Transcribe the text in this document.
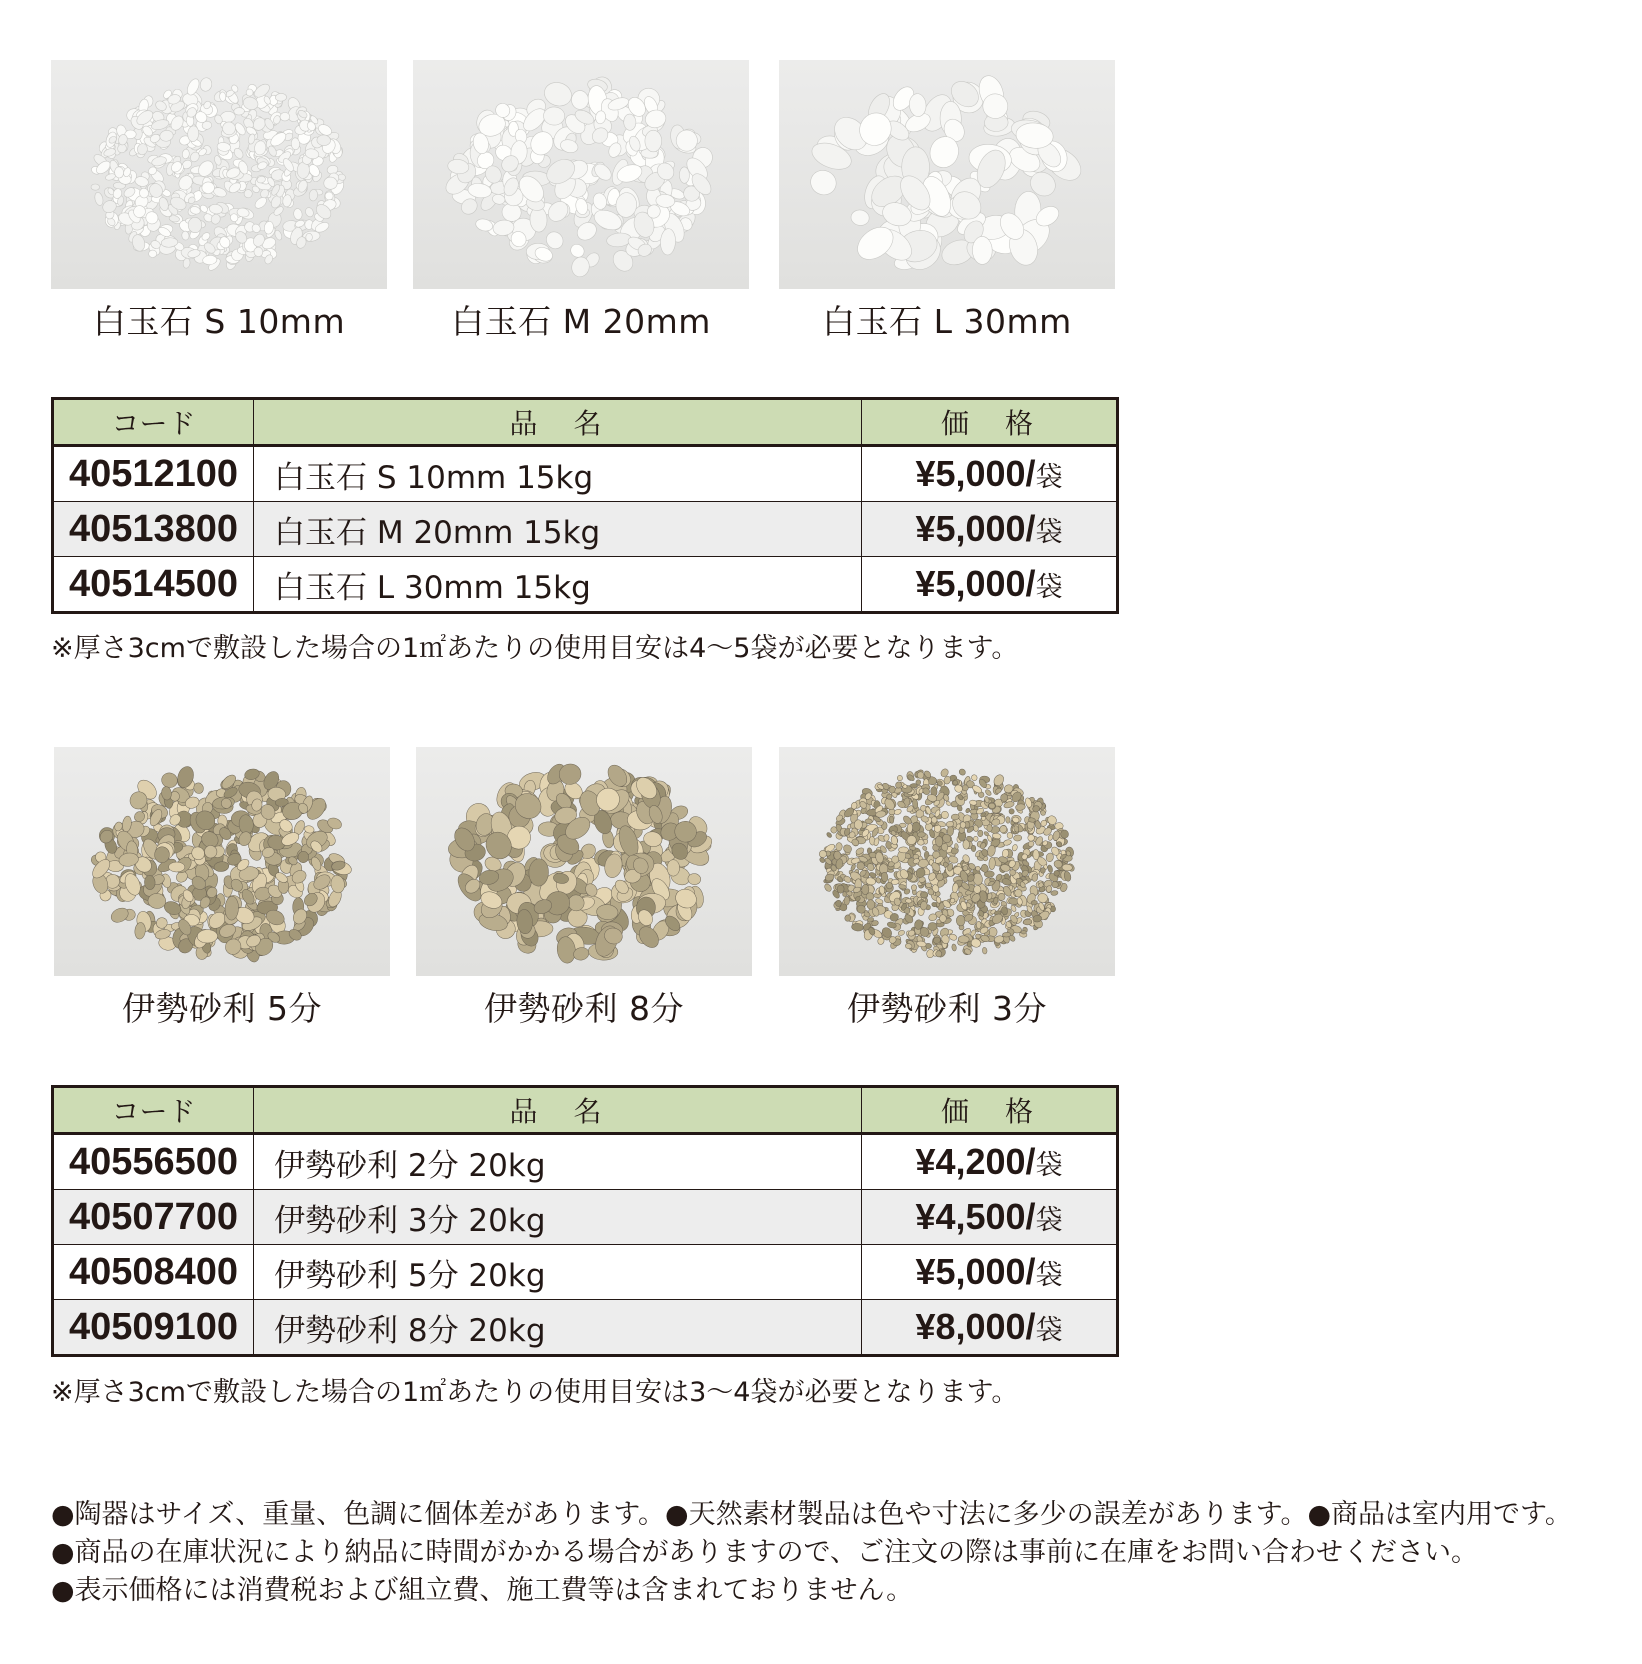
白玉石 S 10mm	白玉石 M 20mm	白玉石 L 30mm
コード	品　名	価　格
40512100	白玉石 S 10mm 15kg	¥5,000/袋
40513800	白玉石 M 20mm 15kg	¥5,000/袋
40514500	白玉石 L 30mm 15kg	¥5,000/袋
※厚さ3cmで敷設した場合の1㎡あたりの使用目安は4〜5袋が必要となります。
伊勢砂利 5分	伊勢砂利 8分	伊勢砂利 3分
コード	品　名	価　格
40556500	伊勢砂利 2分 20kg	¥4,200/袋
40507700	伊勢砂利 3分 20kg	¥4,500/袋
40508400	伊勢砂利 5分 20kg	¥5,000/袋
40509100	伊勢砂利 8分 20kg	¥8,000/袋
※厚さ3cmで敷設した場合の1㎡あたりの使用目安は3〜4袋が必要となります。
●陶器はサイズ、重量、色調に個体差があります。●天然素材製品は色や寸法に多少の誤差があります。●商品は室内用です。
●商品の在庫状況により納品に時間がかかる場合がありますので、ご注文の際は事前に在庫をお問い合わせください。
●表示価格には消費税および組立費、施工費等は含まれておりません。
